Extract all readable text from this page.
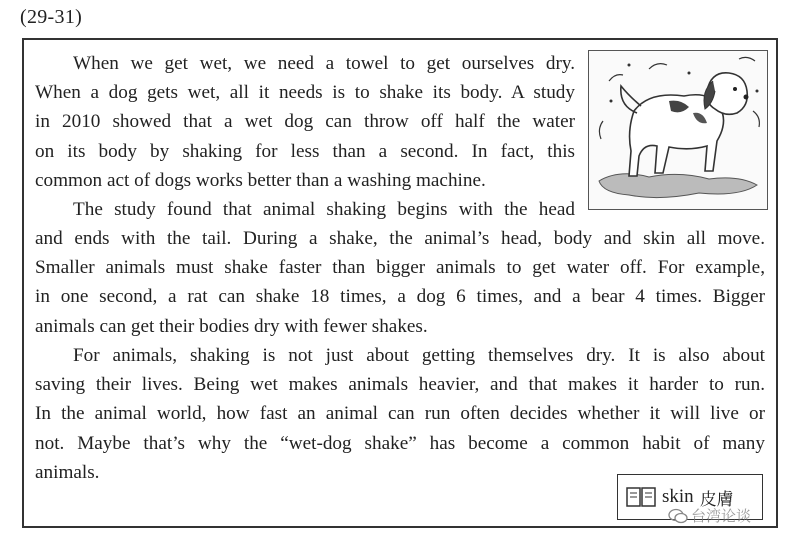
(29-31)
When we get wet, we need a towel to get ourselves dry.
When a dog gets wet, all it needs is to shake its body. A study
in 2010 showed that a wet dog can throw off half the water
on its body by shaking for less than a second. In fact, this
common act of dogs works better than a washing machine.
The study found that animal shaking begins with the head
and ends with the tail. During a shake, the animal’s head, body and skin all move.
Smaller animals must shake faster than bigger animals to get water off. For example,
in one second, a rat can shake 18 times, a dog 6 times, and a bear 4 times. Bigger
animals can get their bodies dry with fewer shakes.
For animals, shaking is not just about getting themselves dry. It is also about
saving their lives. Being wet makes animals heavier, and that makes it harder to run.
In the animal world, how fast an animal can run often decides whether it will live or
not. Maybe that’s why the “wet-dog shake” has become a common habit of many
animals.
skin 皮膚
台湾论谈
